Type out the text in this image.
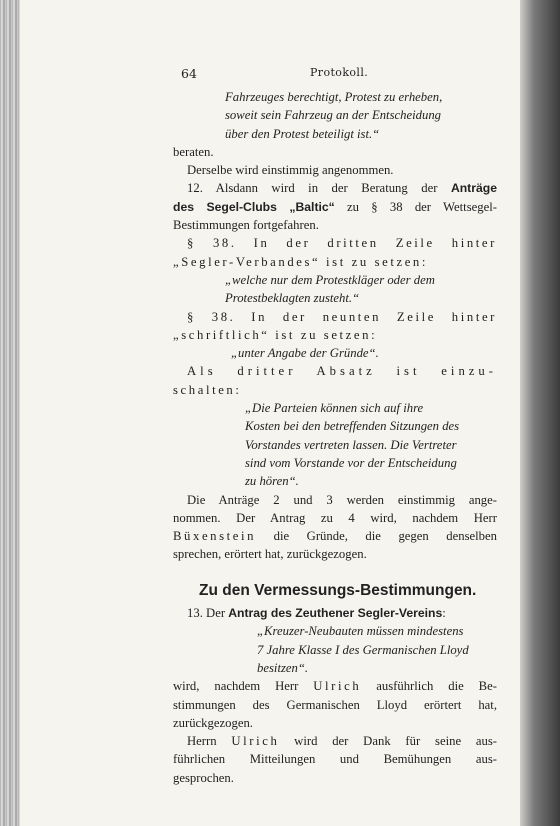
64	Protokoll.

Fahrzeuges berechtigt, Protest zu erheben,

soweit sein Fahrzeug an der Entscheidung

über den Protest beteiligt ist.“

beraten.

Derselbe wird einstimmig angenommen.

12. Alsdann wird in der Beratung der Anträge

des Segel-Clubs „Baltic“ zu § 38 der Wettsegel-

Bestimmungen fortgefahren.

§ 38. In der dritten Zeile hinter

„Segler-Verbandes“ ist zu setzen:

„welche nur dem Protestkläger oder dem

Protestbeklagten zusteht.“

§ 38. In der neunten Zeile hinter

„schriftlich“ ist zu setzen:

„unter Angabe der Gründe“.

Als dritter Absatz ist einzu-

schalten:

„Die Parteien können sich auf ihre

Kosten bei den betreffenden Sitzungen des

Vorstandes vertreten lassen. Die Vertreter

sind vom Vorstande vor der Entscheidung

zu hören“.

Die Anträge 2 und 3 werden einstimmig ange-

nommen. Der Antrag zu 4 wird, nachdem Herr

Büxenstein die Gründe, die gegen denselben

sprechen, erörtert hat, zurückgezogen.

Zu den Vermessungs-Bestimmungen.

13. Der Antrag des Zeuthener Segler-Vereins:

„Kreuzer-Neubauten müssen mindestens

7 Jahre Klasse I des Germanischen Lloyd

besitzen“.

wird, nachdem Herr Ulrich ausführlich die Be-

stimmungen des Germanischen Lloyd erörtert hat,

zurückgezogen.

Herrn Ulrich wird der Dank für seine aus-

führlichen Mitteilungen und Bemühungen aus-

gesprochen.
